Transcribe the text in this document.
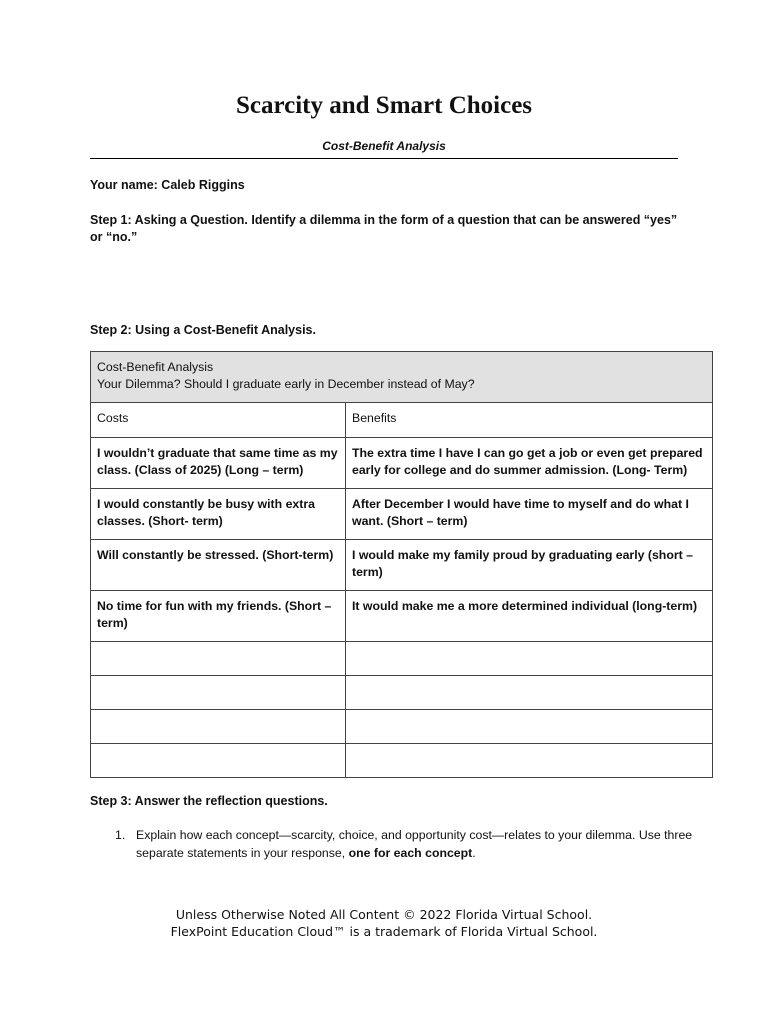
Scarcity and Smart Choices
Cost-Benefit Analysis
Your name: Caleb Riggins
Step 1: Asking a Question. Identify a dilemma in the form of a question that can be answered “yes” or “no.”
Step 2: Using a Cost-Benefit Analysis.
Cost-Benefit Analysis
Your Dilemma? Should I graduate early in December instead of May?	

Costs	Benefits
I wouldn’t graduate that same time as my class. (Class of 2025) (Long – term)	The extra time I have I can go get a job or even get prepared early for college and do summer admission. (Long- Term)
I would constantly be busy with extra classes. (Short- term)	After December I would have time to myself and do what I want. (Short – term)
Will constantly be stressed. (Short-term)	I would make my family proud by graduating early (short – term)
No time for fun with my friends. (Short – term)	It would make me a more determined individual (long-term)

Step 3: Answer the reflection questions.
1. Explain how each concept—scarcity, choice, and opportunity cost—relates to your dilemma. Use three separate statements in your response, one for each concept.
Unless Otherwise Noted All Content © 2022 Florida Virtual School.
FlexPoint Education Cloud™ is a trademark of Florida Virtual School.
